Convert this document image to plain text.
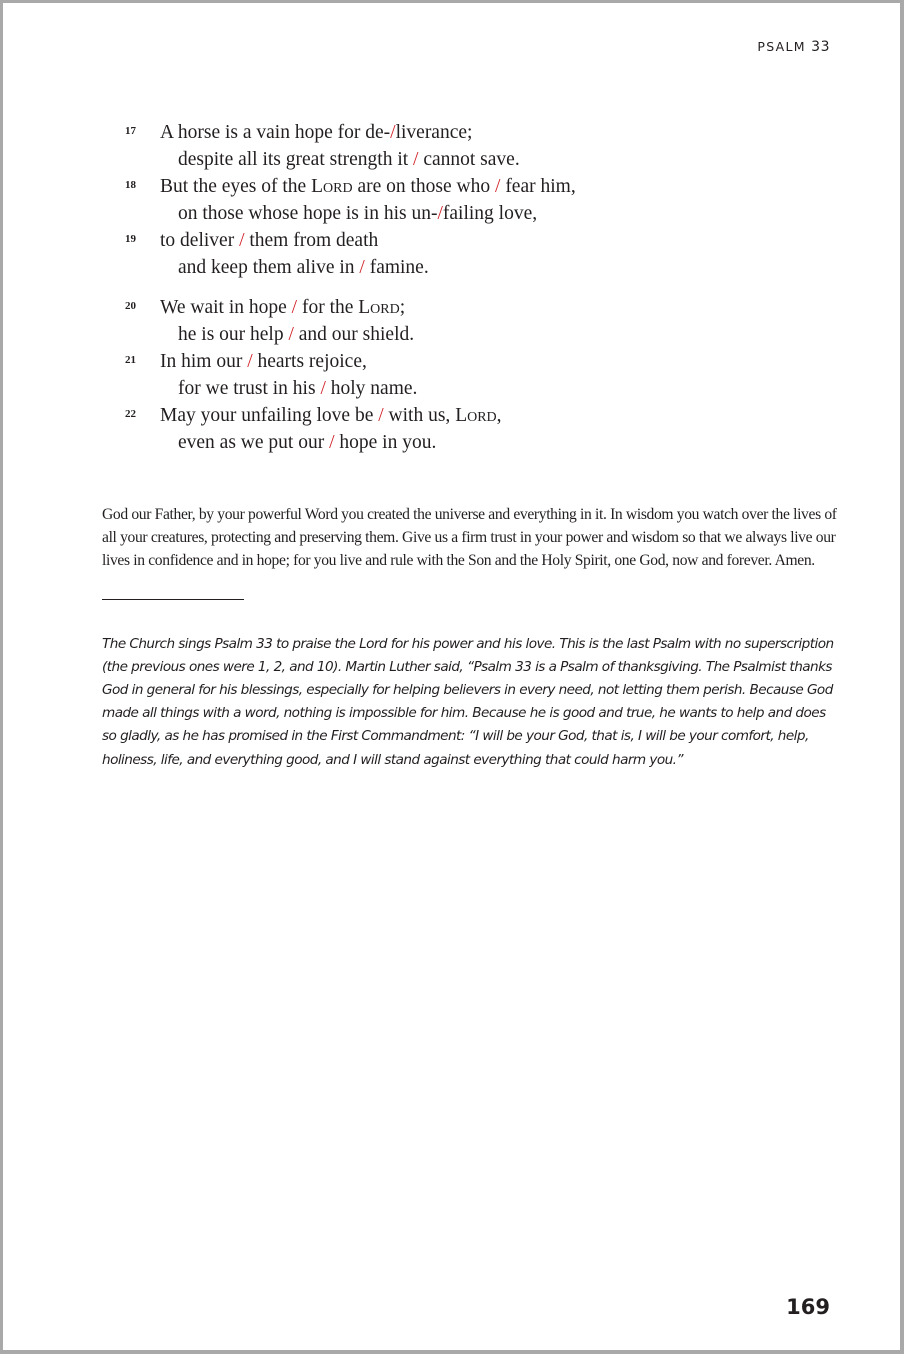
PSALM 33
17 A horse is a vain hope for de-/liverance;
despite all its great strength it / cannot save.
18 But the eyes of the Lord are on those who / fear him,
on those whose hope is in his un-/failing love,
19 to deliver / them from death
and keep them alive in / famine.
20 We wait in hope / for the Lord;
he is our help / and our shield.
21 In him our / hearts rejoice,
for we trust in his / holy name.
22 May your unfailing love be / with us, Lord,
even as we put our / hope in you.

God our Father, by your powerful Word you created the universe and everything in it. In wisdom you watch over the lives of all your creatures, protecting and preserving them. Give us a firm trust in your power and wisdom so that we always live our lives in confidence and in hope; for you live and rule with the Son and the Holy Spirit, one God, now and forever. Amen.

The Church sings Psalm 33 to praise the Lord for his power and his love. This is the last Psalm with no superscription (the previous ones were 1, 2, and 10). Martin Luther said, “Psalm 33 is a Psalm of thanksgiving. The Psalmist thanks God in general for his blessings, especially for helping believers in every need, not letting them perish. Because God made all things with a word, nothing is impossible for him. Because he is good and true, he wants to help and does so gladly, as he has promised in the First Commandment: “I will be your God, that is, I will be your comfort, help, holiness, life, and everything good, and I will stand against everything that could harm you.”

169
